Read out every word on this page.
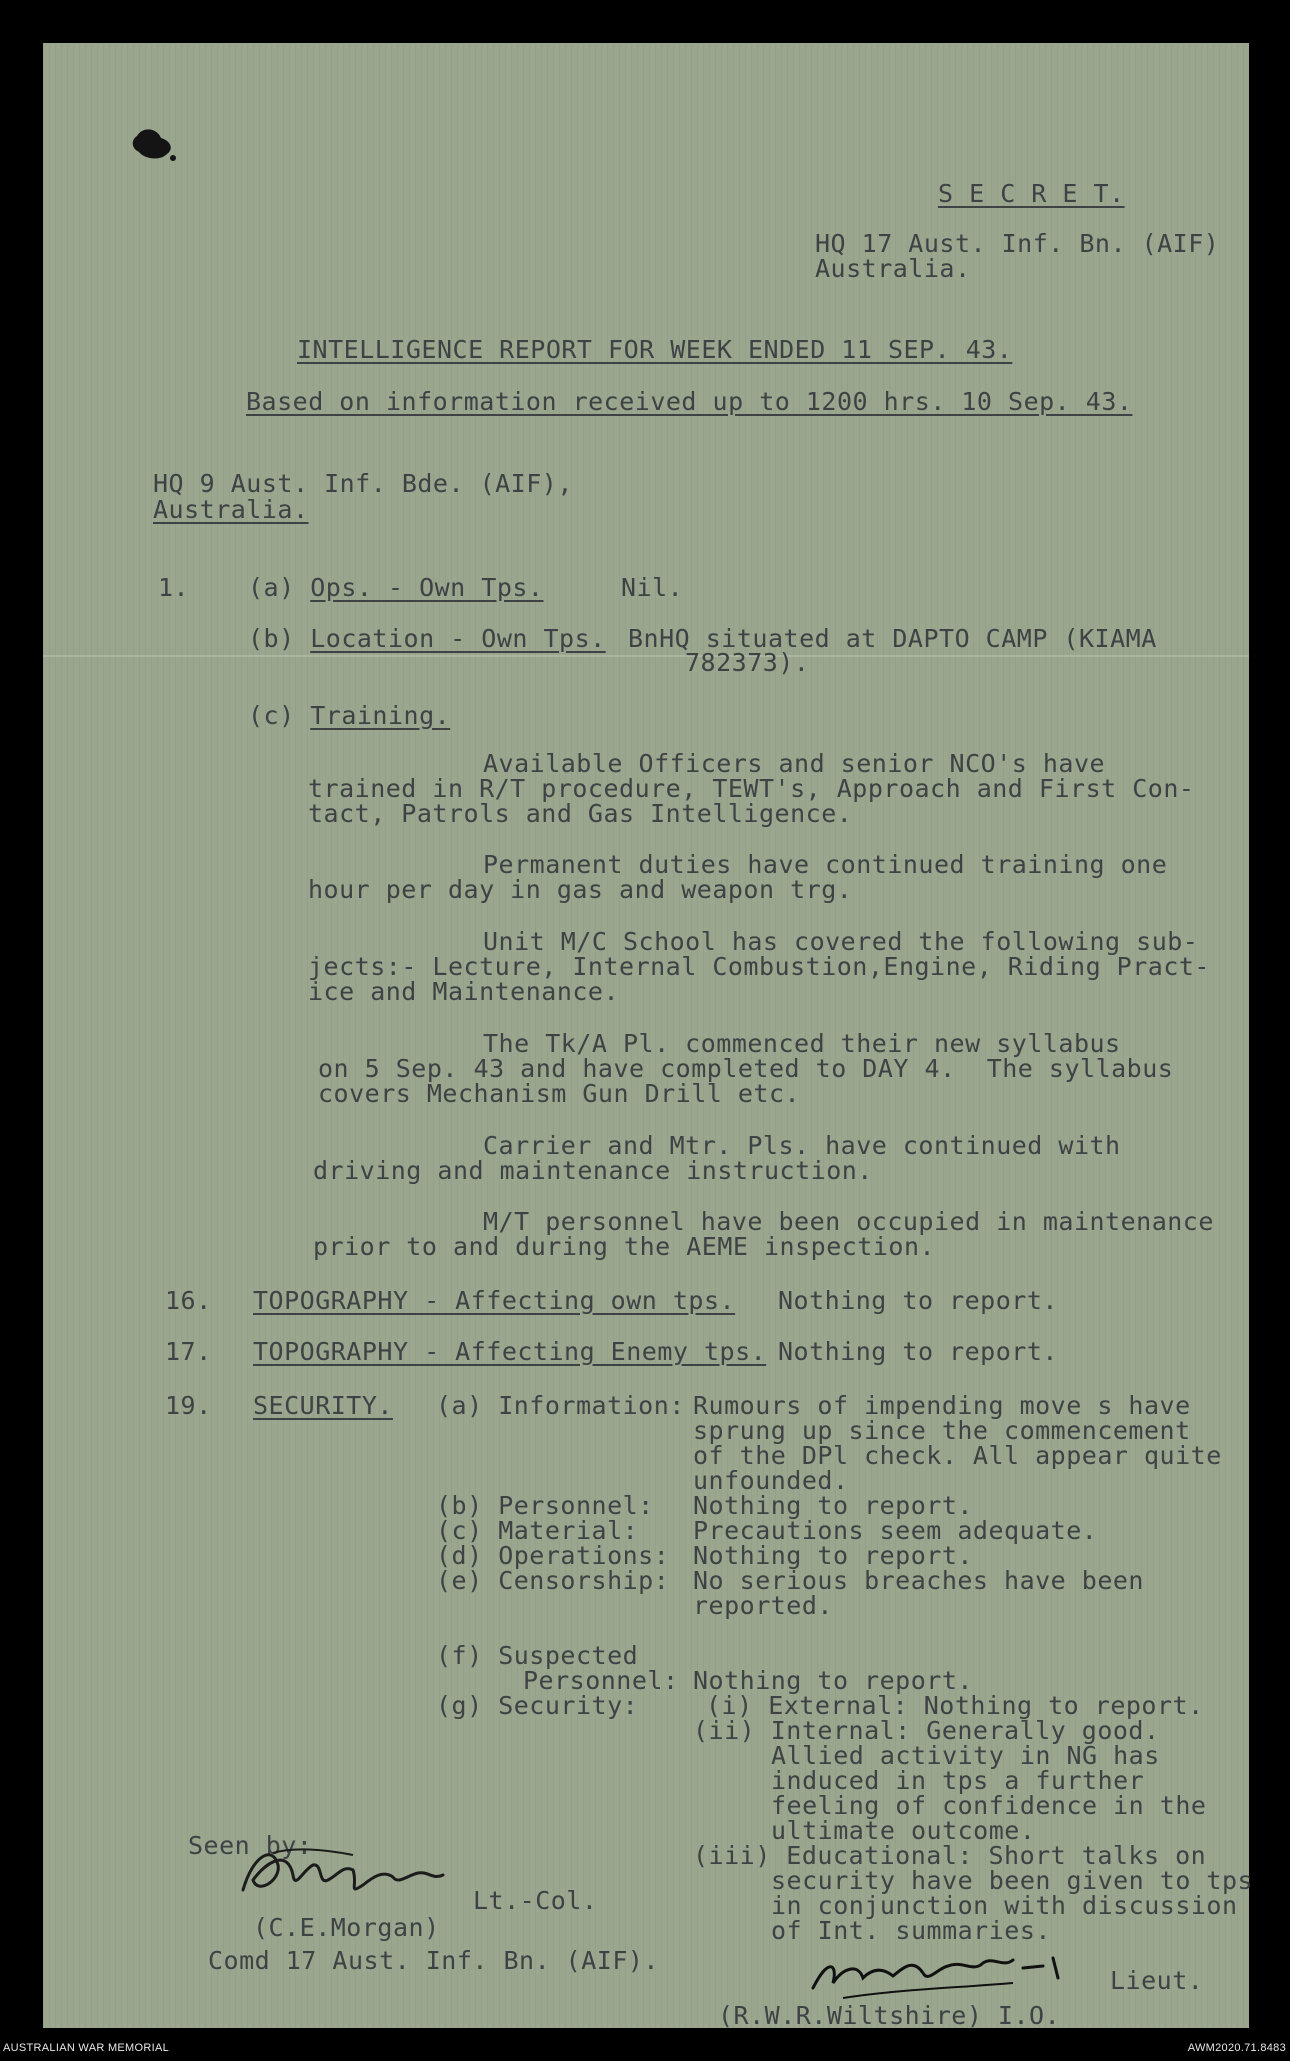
S E C R E T.
HQ 17 Aust. Inf. Bn. (AIF)
Australia.
INTELLIGENCE REPORT FOR WEEK ENDED 11 SEP. 43.
Based on information received up to 1200 hrs. 10 Sep. 43.
HQ 9 Aust. Inf. Bde. (AIF),
Australia.
1. (a) Ops. - Own Tps.	Nil.
(b) Location - Own Tps. BnHQ situated at DAPTO CAMP (KIAMA
782373).
(c) Training.
Available Officers and senior NCO's have
trained in R/T procedure, TEWT's, Approach and First Con-
tact, Patrols and Gas Intelligence.
Permanent duties have continued training one
hour per day in gas and weapon trg.
Unit M/C School has covered the following sub-
jects:- Lecture, Internal Combustion,Engine, Riding Pract-
ice and Maintenance.
The Tk/A Pl. commenced their new syllabus
on 5 Sep. 43 and have completed to DAY 4.  The syllabus
covers Mechanism Gun Drill etc.
Carrier and Mtr. Pls. have continued with
driving and maintenance instruction.
M/T personnel have been occupied in maintenance
prior to and during the AEME inspection.
16. TOPOGRAPHY - Affecting own tps. Nothing to report.
17. TOPOGRAPHY - Affecting Enemy tps. Nothing to report.
19. SECURITY. (a) Information: Rumours of impending move s have
sprung up since the commencement
of the DPl check. All appear quite
unfounded.
(b) Personnel: Nothing to report.
(c) Material: Precautions seem adequate.
(d) Operations: Nothing to report.
(e) Censorship: No serious breaches have been
reported.
(f) Suspected
Personnel: Nothing to report.
(g) Security:	(i) External: Nothing to report.
(ii) Internal: Generally good.
Allied activity in NG has
induced in tps a further
feeling of confidence in the
ultimate outcome.
(iii) Educational: Short talks on
security have been given to tps
in conjunction with discussion
of Int. summaries.
Seen by:
Lt.-Col.
(C.E.Morgan)
Comd 17 Aust. Inf. Bn. (AIF).
Lieut.
(R.W.R.Wiltshire) I.O.
AUSTRALIAN WAR MEMORIAL	AWM2020.71.8483
